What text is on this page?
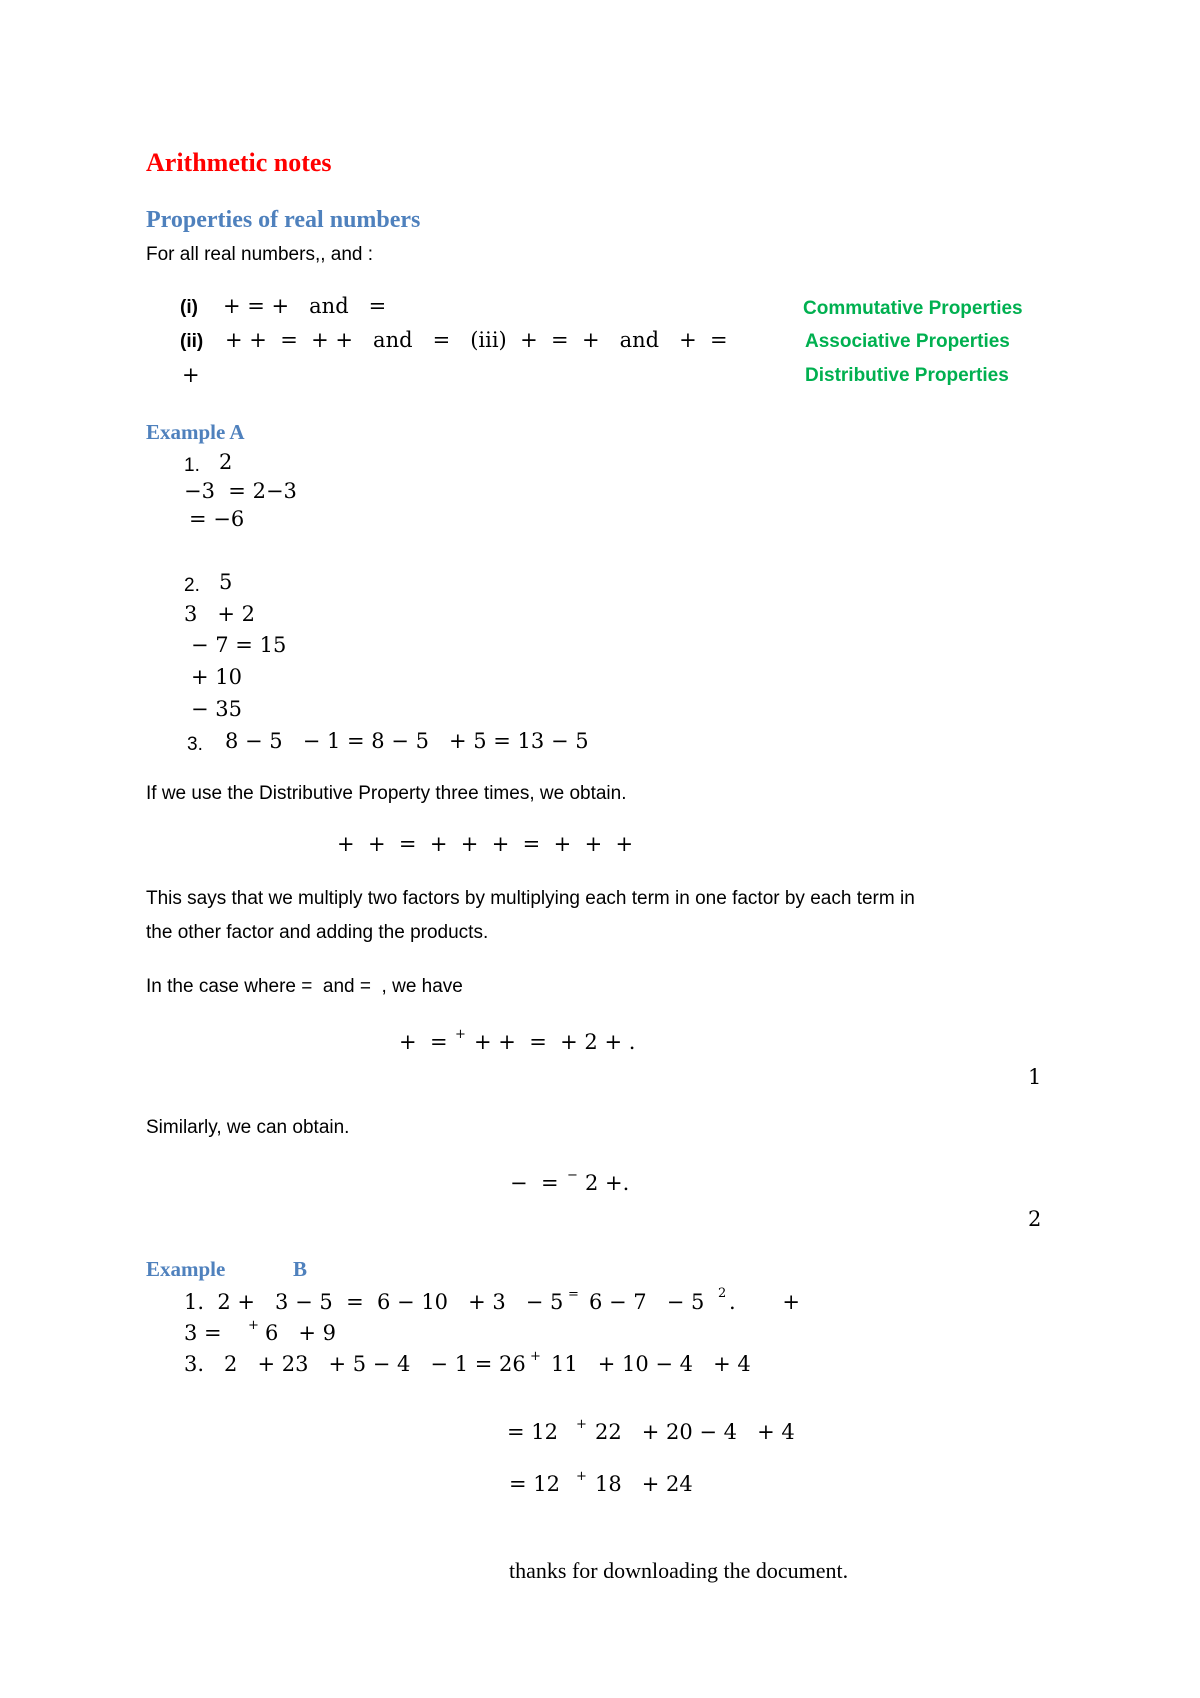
Arithmetic notes
Properties of real numbers
For all real numbers,, and :
(i) + = +   and   =	Commutative Properties
(ii) + +  =  + +   and   =   (iii)  +  =  +   and   +  =	Associative Properties
+	Distributive Properties
Example A
1. 2
−3  = 2−3
= −6
2. 5
3   + 2
− 7 = 15
+ 10
− 35
3. 8 − 5   − 1 = 8 − 5   + 5 = 13 − 5
If we use the Distributive Property three times, we obtain.
+  +  =  +  +  +  =  +  +  +
This says that we multiply two factors by multiplying each term in one factor by each term in
the other factor and adding the products.
In the case where =  and =  , we have
+  = + + +  =  + 2 + .
1
Similarly, we can obtain.
−  = − 2 +.
2
Example	B
1.  2 +   3 − 5  =  6 − 10   + 3   − 5 = 6 − 7   − 5 2 .       +
3 = + 6   + 9
3.   2   + 23   + 5 − 4   − 1 = 26 + 11   + 10 − 4   + 4
= 12 + 22   + 20 − 4   + 4
= 12 + 18   + 24
thanks for downloading the document.
